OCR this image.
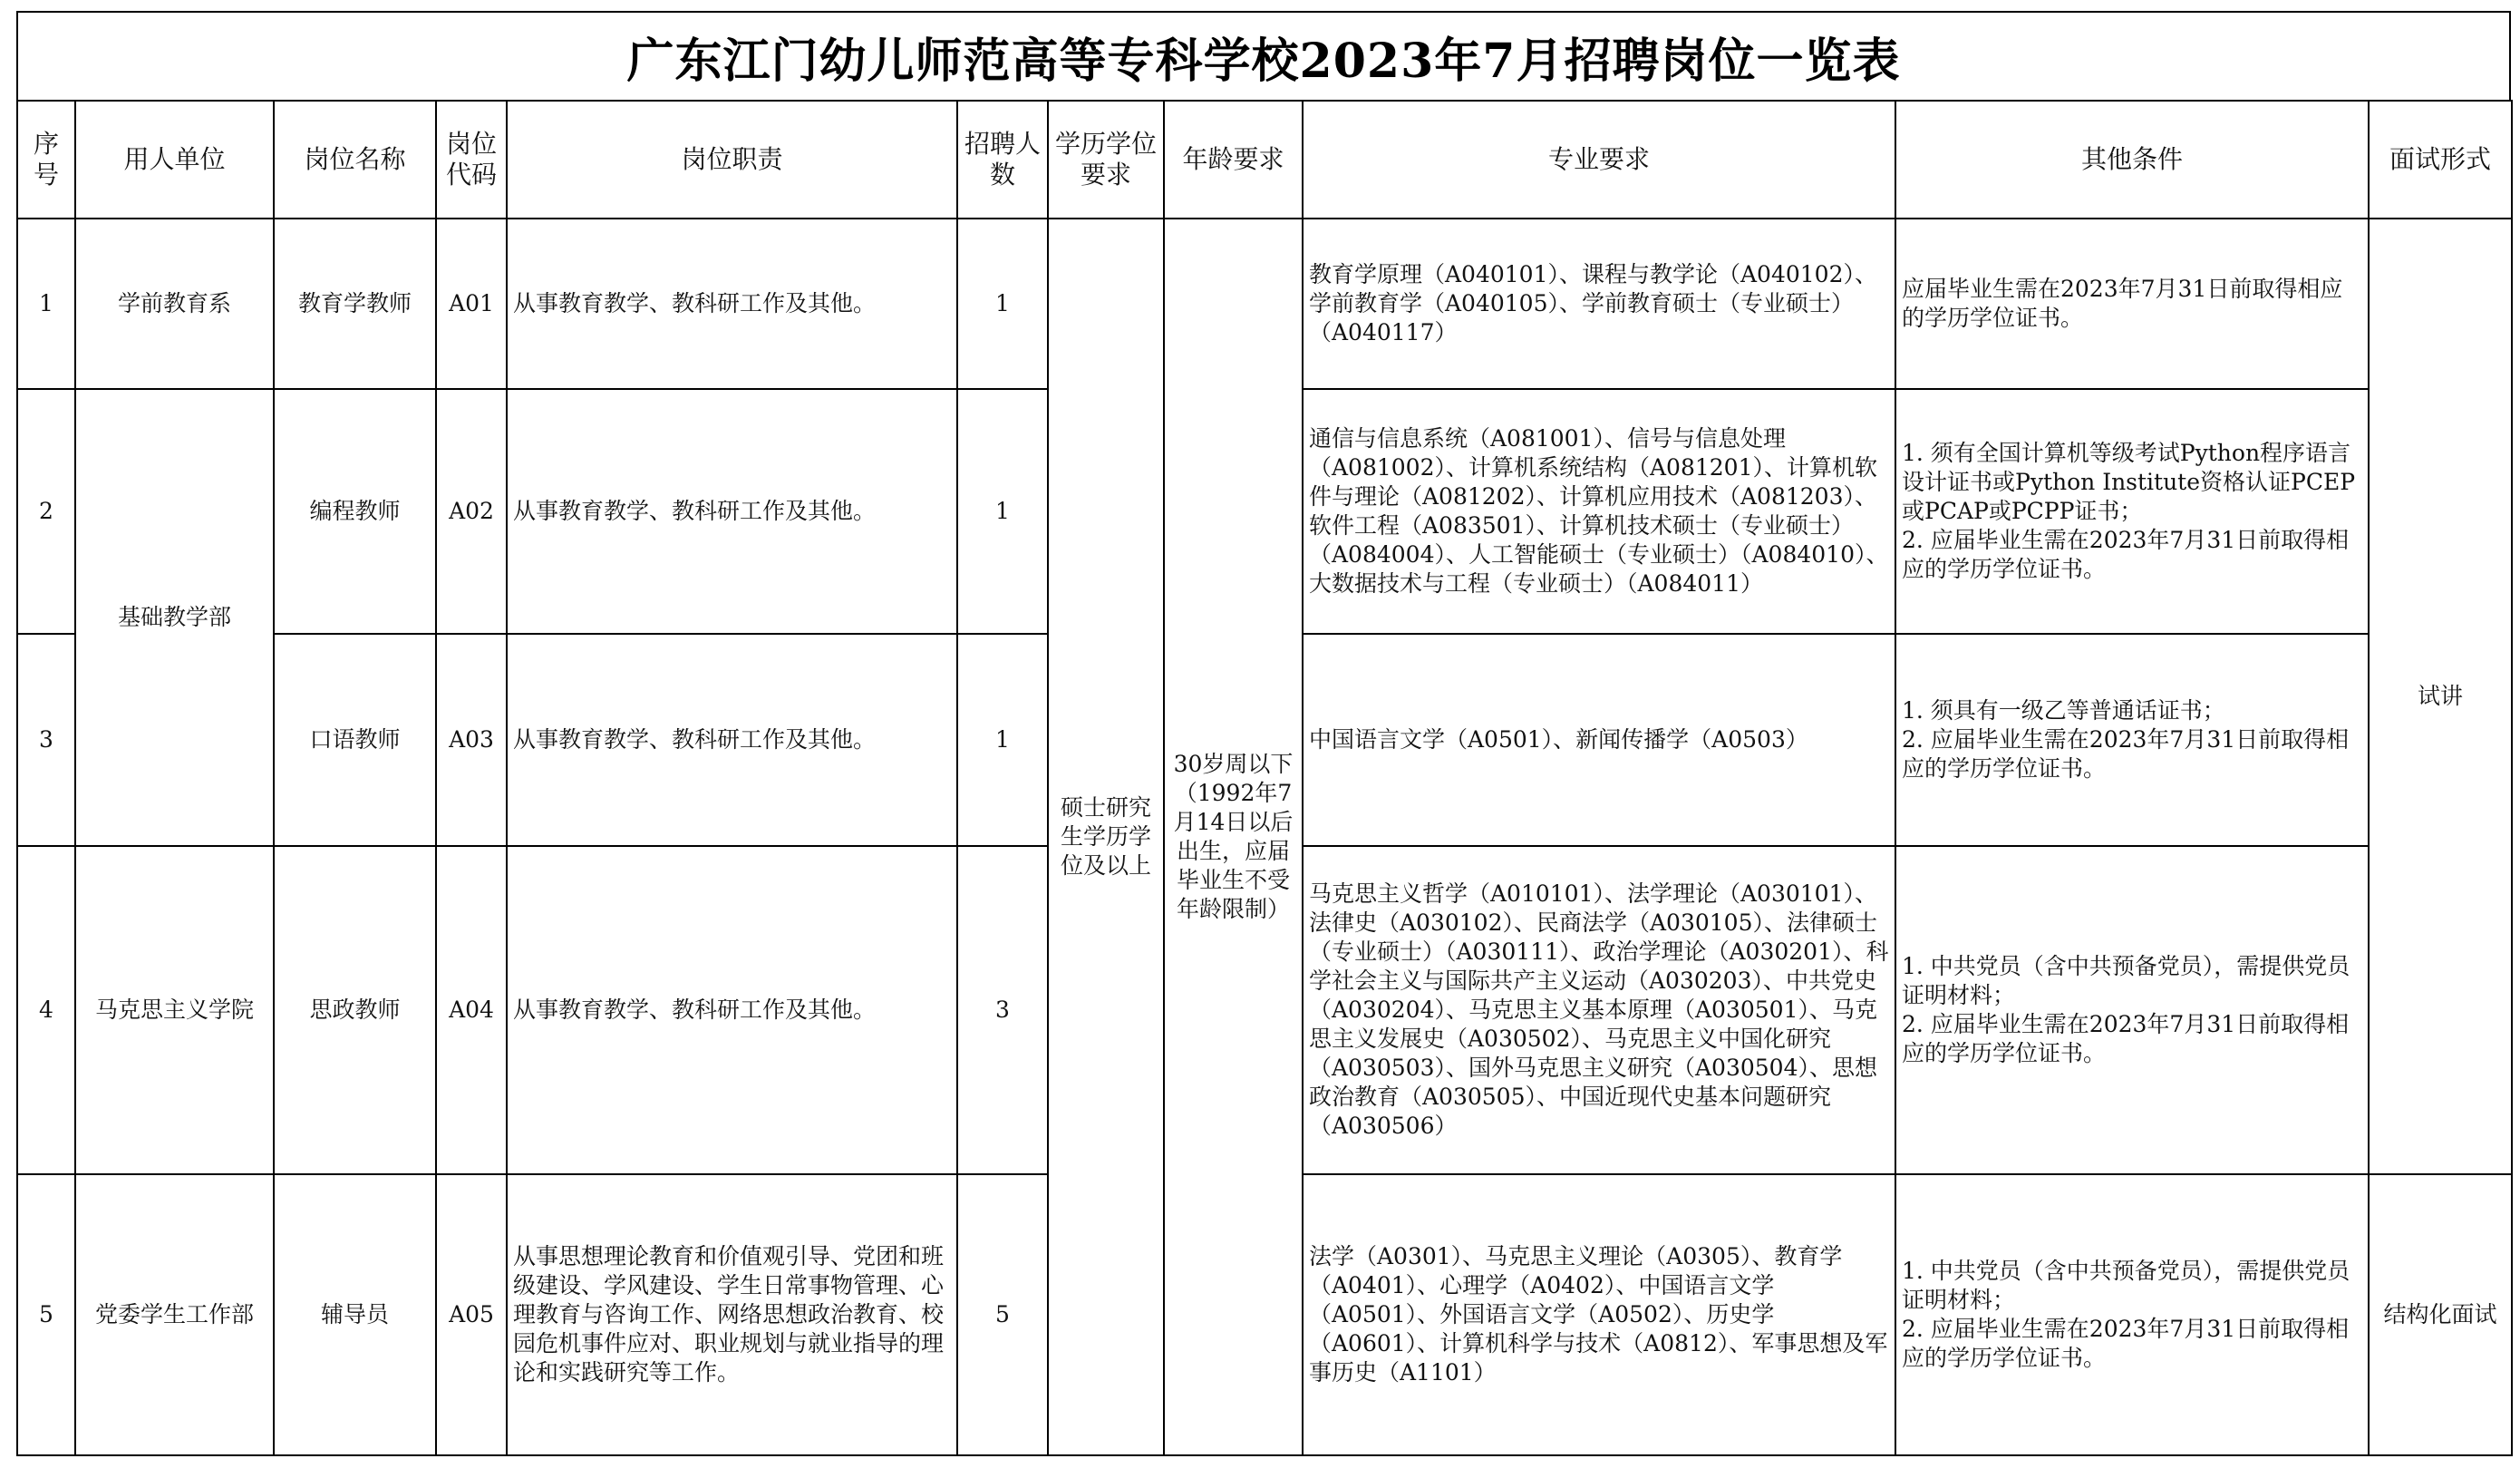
广东江门幼儿师范高等专科学校2023年7月招聘岗位一览表
序号	用人单位	岗位名称	岗位代码	岗位职责	招聘人数	学历学位要求	年龄要求	专业要求	其他条件	面试形式
1	学前教育系	教育学教师	A01	从事教育教学、教科研工作及其他。	1	硕士研究生学历学位及以上	30岁周以下（1992年7月14日以后出生，应届毕业生不受年龄限制）	教育学原理（A040101）、课程与教学论（A040102）、学前教育学（A040105）、学前教育硕士（专业硕士）（A040117）	应届毕业生需在2023年7月31日前取得相应的学历学位证书。	试讲
2	基础教学部	编程教师	A02	从事教育教学、教科研工作及其他。	1			通信与信息系统（A081001）、信号与信息处理（A081002）、计算机系统结构（A081201）、计算机软件与理论（A081202）、计算机应用技术（A081203）、软件工程（A083501）、计算机技术硕士（专业硕士）（A084004）、人工智能硕士（专业硕士）（A084010）、大数据技术与工程（专业硕士）（A084011）	1. 须有全国计算机等级考试Python程序语言设计证书或Python Institute资格认证PCEP或PCAP或PCPP证书；
2. 应届毕业生需在2023年7月31日前取得相应的学历学位证书。	
3		口语教师	A03	从事教育教学、教科研工作及其他。	1			中国语言文学（A0501）、新闻传播学（A0503）	1. 须具有一级乙等普通话证书；
2. 应届毕业生需在2023年7月31日前取得相应的学历学位证书。	
4	马克思主义学院	思政教师	A04	从事教育教学、教科研工作及其他。	3			马克思主义哲学（A010101）、法学理论（A030101）、法律史（A030102）、民商法学（A030105）、法律硕士（专业硕士）（A030111）、政治学理论（A030201）、科学社会主义与国际共产主义运动（A030203）、中共党史（A030204）、马克思主义基本原理（A030501）、马克思主义发展史（A030502）、马克思主义中国化研究（A030503）、国外马克思主义研究（A030504）、思想政治教育（A030505）、中国近现代史基本问题研究（A030506）	1. 中共党员（含中共预备党员），需提供党员证明材料；
2. 应届毕业生需在2023年7月31日前取得相应的学历学位证书。	
5	党委学生工作部	辅导员	A05	从事思想理论教育和价值观引导、党团和班级建设、学风建设、学生日常事物管理、心理教育与咨询工作、网络思想政治教育、校园危机事件应对、职业规划与就业指导的理论和实践研究等工作。	5			法学（A0301）、马克思主义理论（A0305）、教育学（A0401）、心理学（A0402）、中国语言文学（A0501）、外国语言文学（A0502）、历史学（A0601）、计算机科学与技术（A0812）、军事思想及军事历史（A1101）	1. 中共党员（含中共预备党员），需提供党员证明材料；
2. 应届毕业生需在2023年7月31日前取得相应的学历学位证书。	结构化面试
